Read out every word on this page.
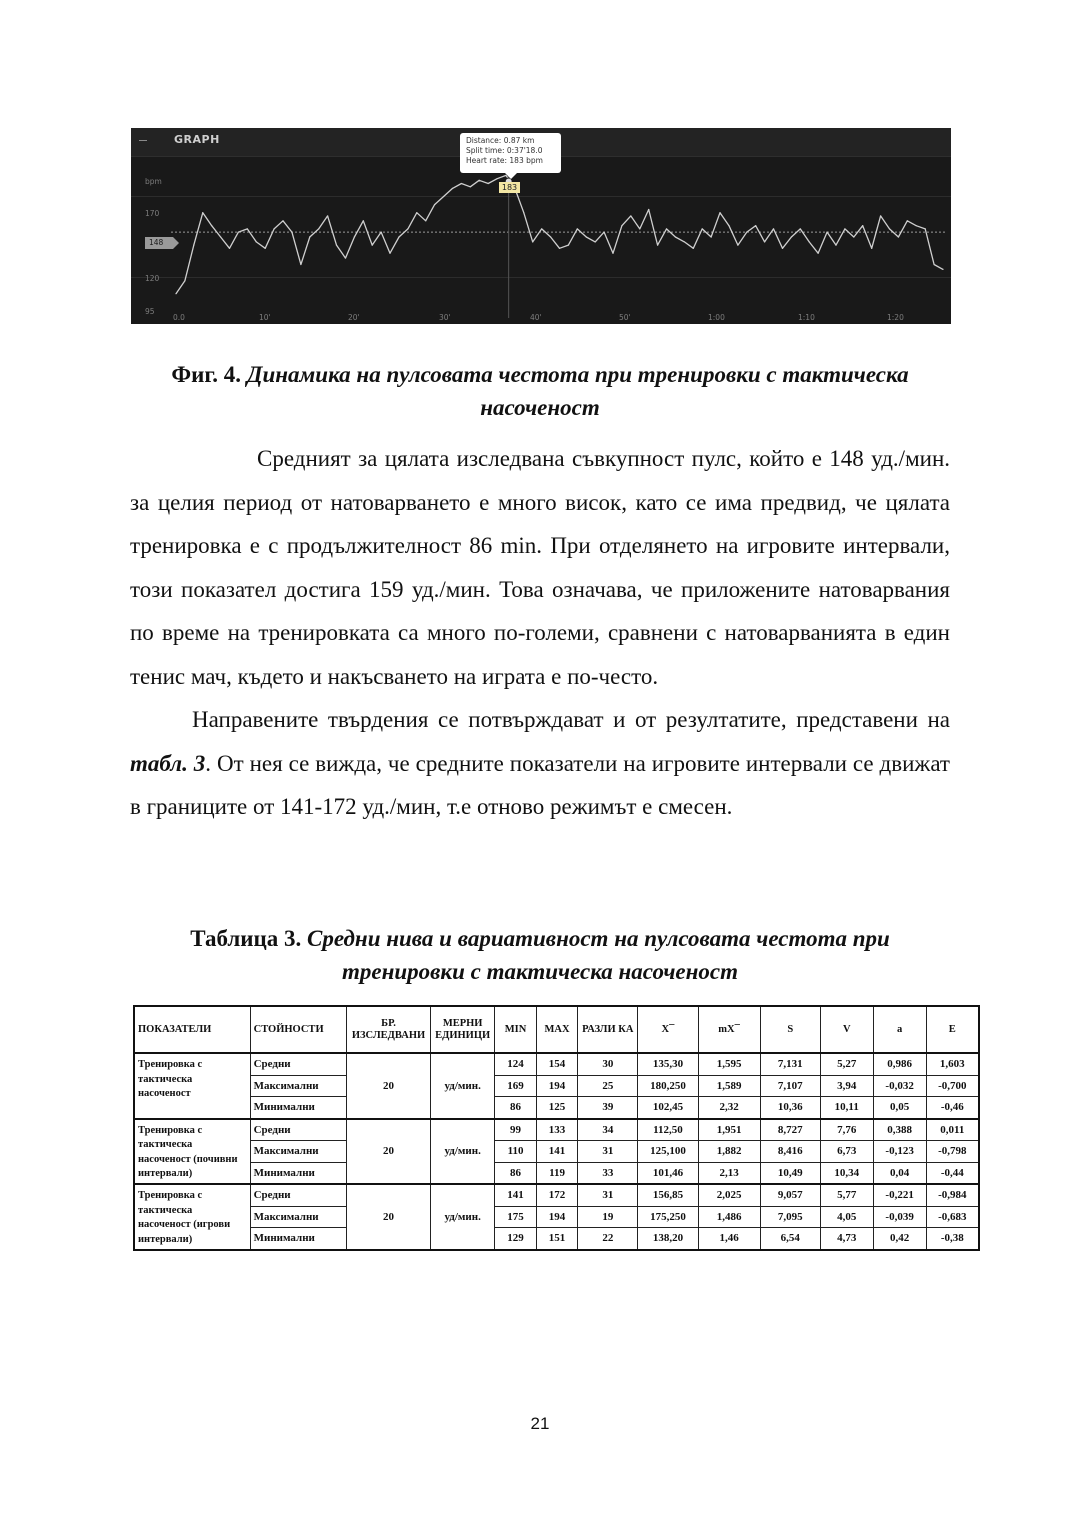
GRAPH
bpm
170
120
95
148
0.0	10'	20'	30'	40'	50'	1:00	1:10	1:20
Distance: 0.87 km
Split time: 0:37'18.0
Heart rate: 183 bpm
183
Фиг. 4. Динамика на пулсовата честота при тренировки с тактическа насоченост

Средният за цялата изследвана съвкупност пулс, който е 148 уд./мин. за целия период от натоварването е много висок, като се има предвид, че цялата тренировка е с продължителност 86 min. При отделянето на игровите интервали, този показател достига 159 уд./мин. Това означава, че приложените натоварвания по време на тренировката са много по-големи, сравнени с натоварванията в един тенис мач, където и накъсването на играта е по-често.

Направените твърдения се потвърждават и от резултатите, представени на табл. 3. От нея се вижда, че средните показатели на игровите интервали се движат в границите от 141-172 уд./мин, т.е отново режимът е смесен.

Таблица 3. Средни нива и вариативност на пулсовата честота при тренировки с тактическа насоченост
ПОКАЗАТЕЛИ	СТОЙНОСТИ	БР. ИЗСЛЕДВАНИ	МЕРНИ ЕДИНИЦИ	MIN	MAX	РАЗЛИ КА	X¯	mX¯	S	V	a	E
Тренировка с тактическа насоченост	Средни	20	уд/мин.	124	154	30	135,30	1,595	7,131	5,27	0,986	1,603
	Максимални			169	194	25	180,250	1,589	7,107	3,94	-0,032	-0,700
	Минимални			86	125	39	102,45	2,32	10,36	10,11	0,05	-0,46
Тренировка с тактическа насоченост (почивни интервали)	Средни	20	уд/мин.	99	133	34	112,50	1,951	8,727	7,76	0,388	0,011
	Максимални			110	141	31	125,100	1,882	8,416	6,73	-0,123	-0,798
	Минимални			86	119	33	101,46	2,13	10,49	10,34	0,04	-0,44
Тренировка с тактическа насоченост (игрови интервали)	Средни	20	уд/мин.	141	172	31	156,85	2,025	9,057	5,77	-0,221	-0,984
	Максимални			175	194	19	175,250	1,486	7,095	4,05	-0,039	-0,683
	Минимални			129	151	22	138,20	1,46	6,54	4,73	0,42	-0,38
21
